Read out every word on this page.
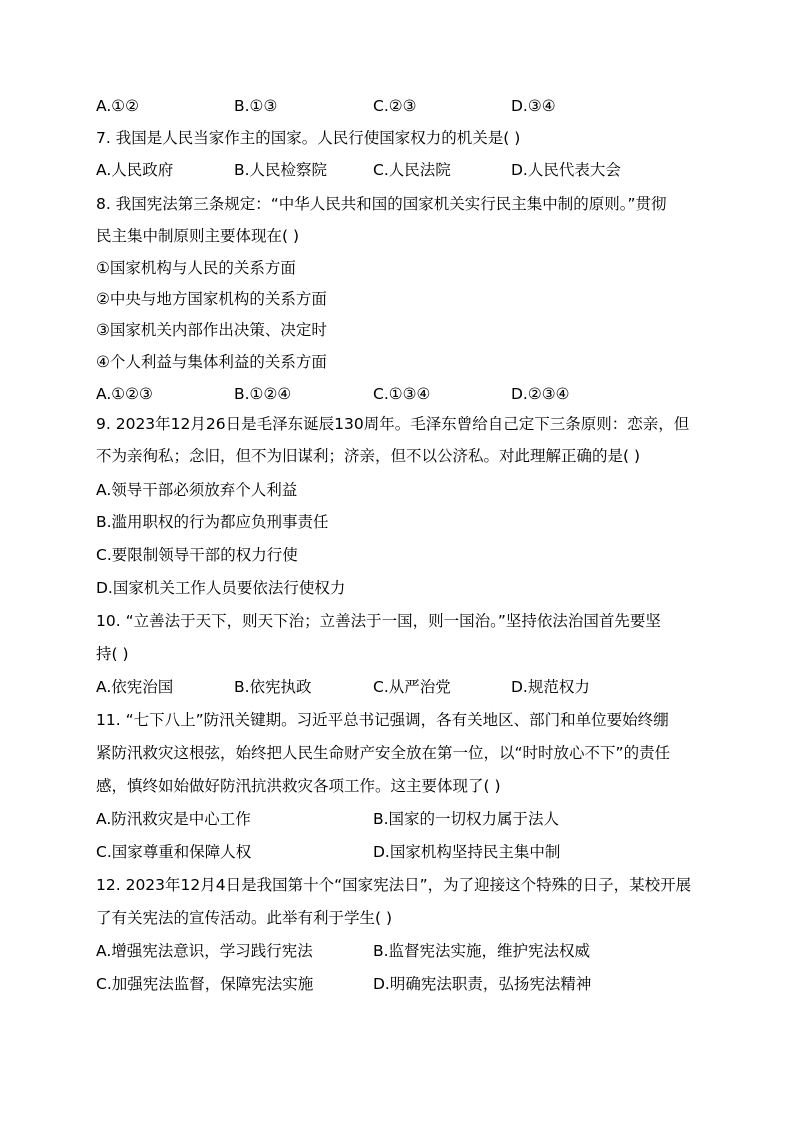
A.①②	B.①③	C.②③	D.③④
7. 我国是人民当家作主的国家。人民行使国家权力的机关是( )
A.人民政府	B.人民检察院	C.人民法院	D.人民代表大会
8. 我国宪法第三条规定：“中华人民共和国的国家机关实行民主集中制的原则。”贯彻
民主集中制原则主要体现在( )
①国家机构与人民的关系方面
②中央与地方国家机构的关系方面
③国家机关内部作出决策、决定时
④个人利益与集体利益的关系方面
A.①②③	B.①②④	C.①③④	D.②③④
9. 2023年12月26日是毛泽东诞辰130周年。毛泽东曾给自己定下三条原则：恋亲，但
不为亲徇私；念旧，但不为旧谋利；济亲，但不以公济私。对此理解正确的是( )
A.领导干部必须放弃个人利益
B.滥用职权的行为都应负刑事责任
C.要限制领导干部的权力行使
D.国家机关工作人员要依法行使权力
10. “立善法于天下，则天下治；立善法于一国，则一国治。”坚持依法治国首先要坚
持( )
A.依宪治国	B.依宪执政	C.从严治党	D.规范权力
11. “七下八上”防汛关键期。习近平总书记强调，各有关地区、部门和单位要始终绷
紧防汛救灾这根弦，始终把人民生命财产安全放在第一位，以“时时放心不下”的责任
感，慎终如始做好防汛抗洪救灾各项工作。这主要体现了( )
A.防汛救灾是中心工作	B.国家的一切权力属于法人
C.国家尊重和保障人权	D.国家机构坚持民主集中制
12. 2023年12月4日是我国第十个“国家宪法日”，为了迎接这个特殊的日子，某校开展
了有关宪法的宣传活动。此举有利于学生( )
A.增强宪法意识，学习践行宪法	B.监督宪法实施，维护宪法权威
C.加强宪法监督，保障宪法实施	D.明确宪法职责，弘扬宪法精神
